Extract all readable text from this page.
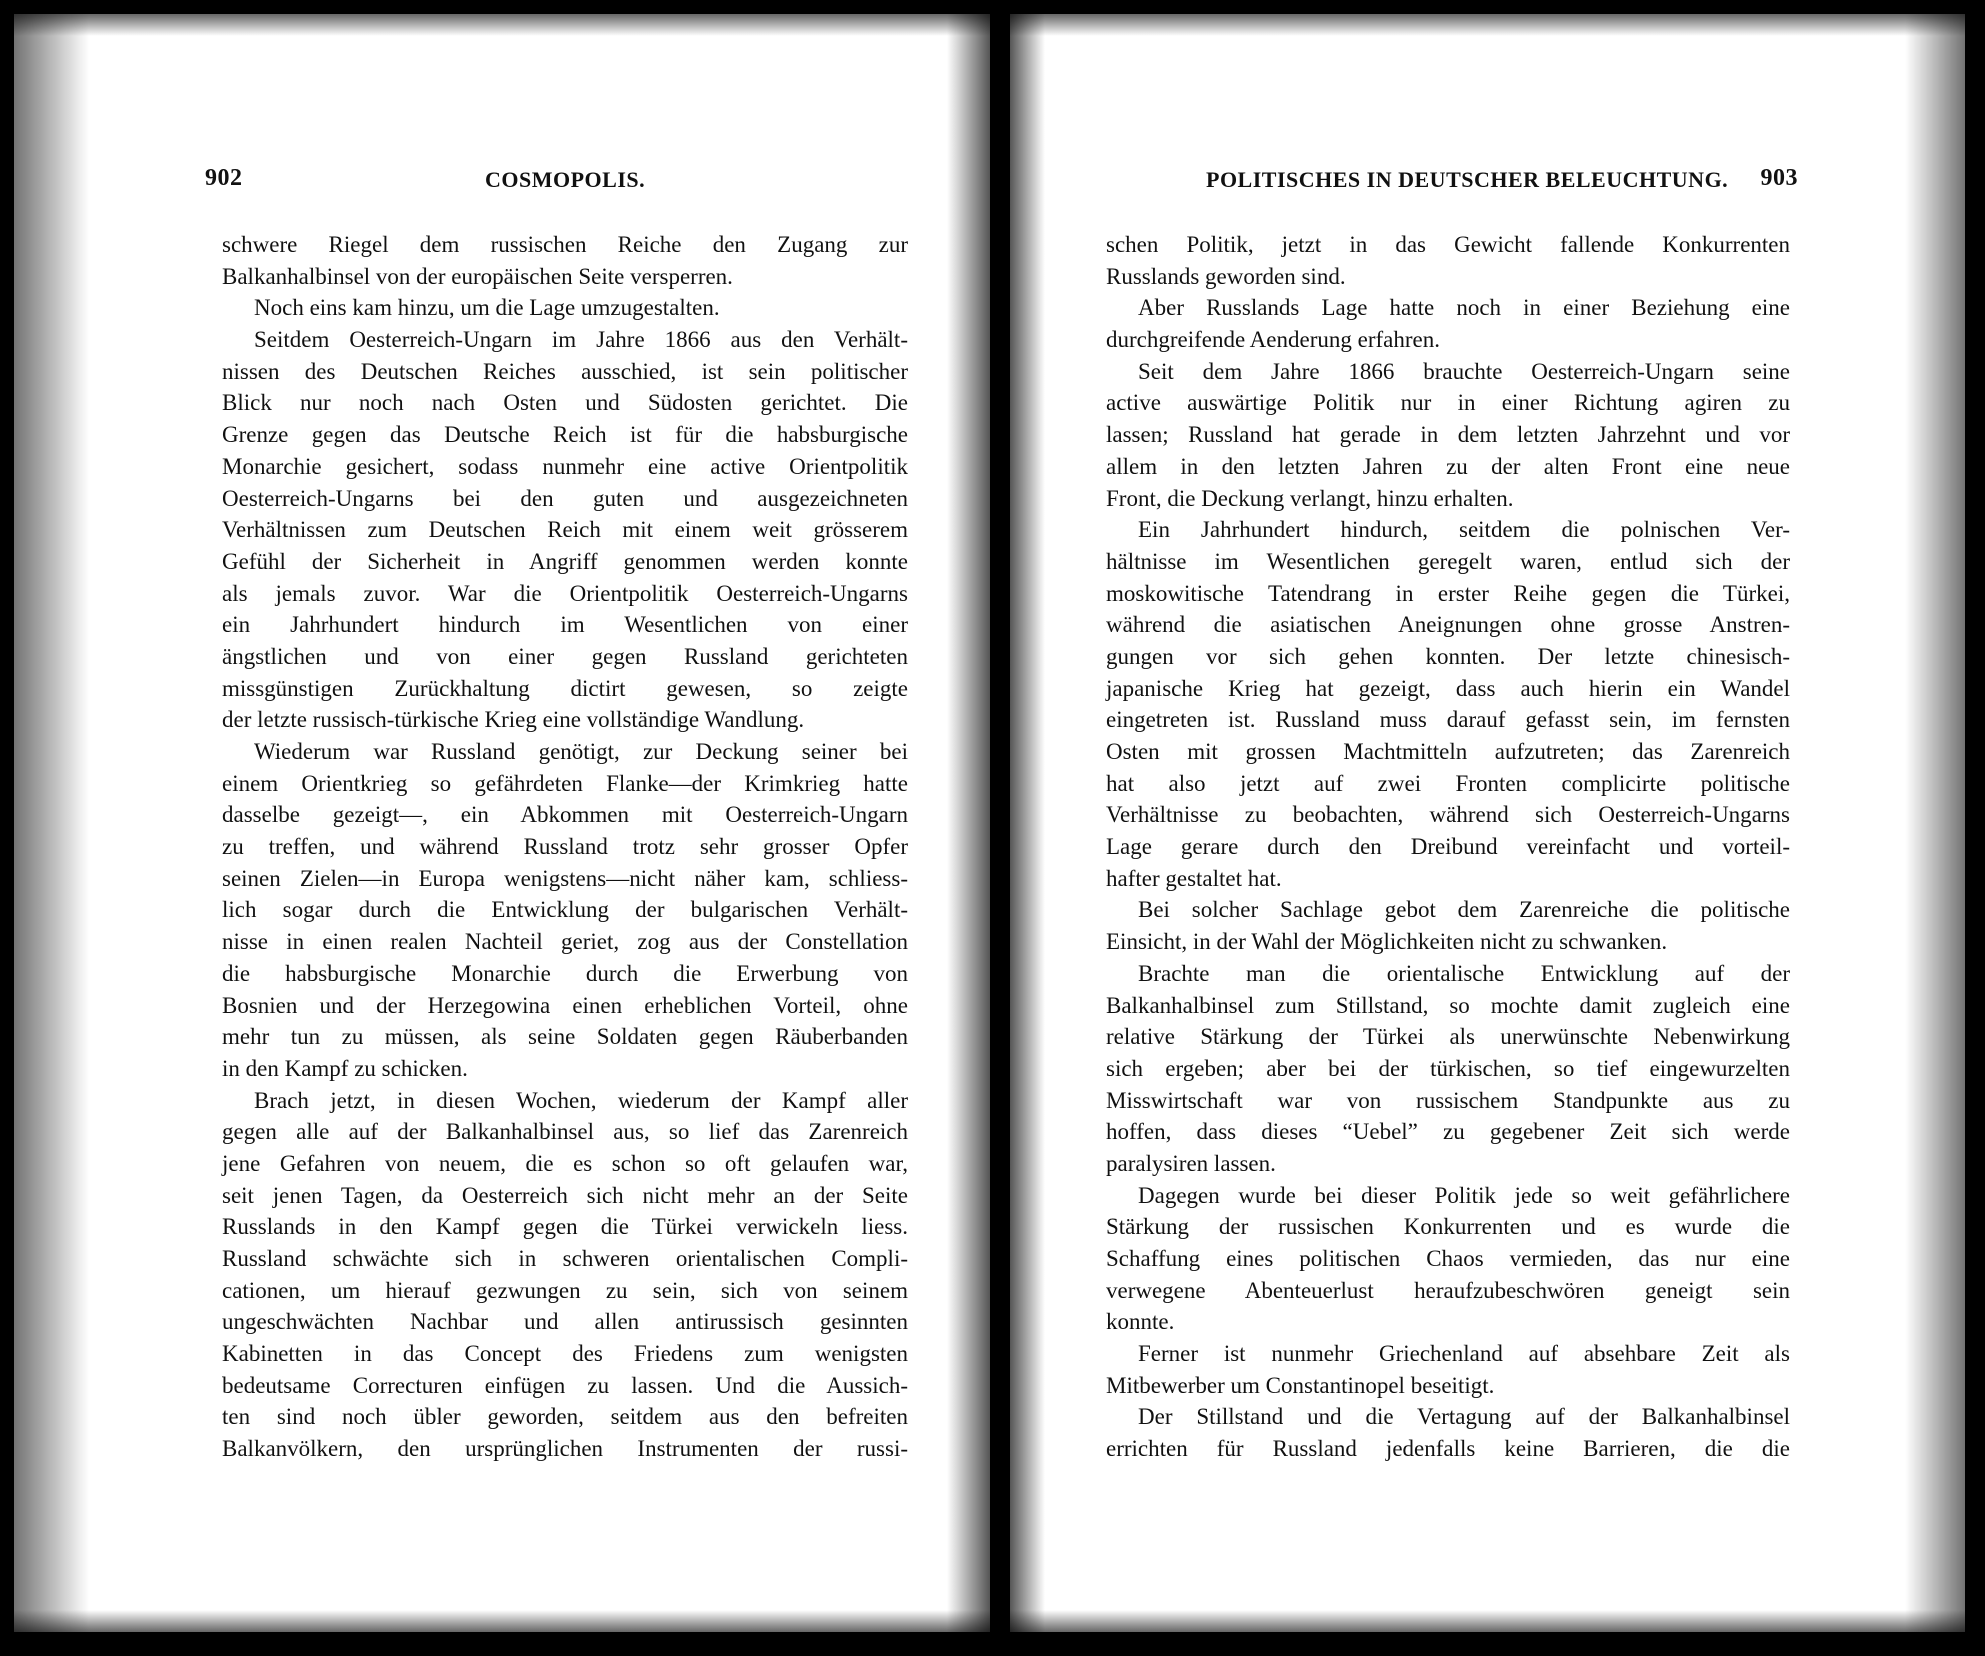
902	COSMOPOLIS.	POLITISCHES IN DEUTSCHER BELEUCHTUNG. 903
schwere Riegel dem russischen Reiche den Zugang zur
Balkanhalbinsel von der europäischen Seite versperren.
Noch eins kam hinzu, um die Lage umzugestalten.
Seitdem Oesterreich-Ungarn im Jahre 1866 aus den Verhält-
nissen des Deutschen Reiches ausschied, ist sein politischer
Blick nur noch nach Osten und Südosten gerichtet. Die
Grenze gegen das Deutsche Reich ist für die habsburgische
Monarchie gesichert, sodass nunmehr eine active Orientpolitik
Oesterreich-Ungarns bei den guten und ausgezeichneten
Verhältnissen zum Deutschen Reich mit einem weit grösserem
Gefühl der Sicherheit in Angriff genommen werden konnte
als jemals zuvor. War die Orientpolitik Oesterreich-Ungarns
ein Jahrhundert hindurch im Wesentlichen von einer
ängstlichen und von einer gegen Russland gerichteten
missgünstigen Zurückhaltung dictirt gewesen, so zeigte
der letzte russisch-türkische Krieg eine vollständige Wandlung.
Wiederum war Russland genötigt, zur Deckung seiner bei
einem Orientkrieg so gefährdeten Flanke—der Krimkrieg hatte
dasselbe gezeigt—, ein Abkommen mit Oesterreich-Ungarn
zu treffen, und während Russland trotz sehr grosser Opfer
seinen Zielen—in Europa wenigstens—nicht näher kam, schliess-
lich sogar durch die Entwicklung der bulgarischen Verhält-
nisse in einen realen Nachteil geriet, zog aus der Constellation
die habsburgische Monarchie durch die Erwerbung von
Bosnien und der Herzegowina einen erheblichen Vorteil, ohne
mehr tun zu müssen, als seine Soldaten gegen Räuberbanden
in den Kampf zu schicken.
Brach jetzt, in diesen Wochen, wiederum der Kampf aller
gegen alle auf der Balkanhalbinsel aus, so lief das Zarenreich
jene Gefahren von neuem, die es schon so oft gelaufen war,
seit jenen Tagen, da Oesterreich sich nicht mehr an der Seite
Russlands in den Kampf gegen die Türkei verwickeln liess.
Russland schwächte sich in schweren orientalischen Compli-
cationen, um hierauf gezwungen zu sein, sich von seinem
ungeschwächten Nachbar und allen antirussisch gesinnten
Kabinetten in das Concept des Friedens zum wenigsten
bedeutsame Correcturen einfügen zu lassen. Und die Aussich-
ten sind noch übler geworden, seitdem aus den befreiten
Balkanvölkern, den ursprünglichen Instrumenten der russi-
schen Politik, jetzt in das Gewicht fallende Konkurrenten
Russlands geworden sind.
Aber Russlands Lage hatte noch in einer Beziehung eine
durchgreifende Aenderung erfahren.
Seit dem Jahre 1866 brauchte Oesterreich-Ungarn seine
active auswärtige Politik nur in einer Richtung agiren zu
lassen; Russland hat gerade in dem letzten Jahrzehnt und vor
allem in den letzten Jahren zu der alten Front eine neue
Front, die Deckung verlangt, hinzu erhalten.
Ein Jahrhundert hindurch, seitdem die polnischen Ver-
hältnisse im Wesentlichen geregelt waren, entlud sich der
moskowitische Tatendrang in erster Reihe gegen die Türkei,
während die asiatischen Aneignungen ohne grosse Anstren-
gungen vor sich gehen konnten. Der letzte chinesisch-
japanische Krieg hat gezeigt, dass auch hierin ein Wandel
eingetreten ist. Russland muss darauf gefasst sein, im fernsten
Osten mit grossen Machtmitteln aufzutreten; das Zarenreich
hat also jetzt auf zwei Fronten complicirte politische
Verhältnisse zu beobachten, während sich Oesterreich-Ungarns
Lage gerare durch den Dreibund vereinfacht und vorteil-
hafter gestaltet hat.
Bei solcher Sachlage gebot dem Zarenreiche die politische
Einsicht, in der Wahl der Möglichkeiten nicht zu schwanken.
Brachte man die orientalische Entwicklung auf der
Balkanhalbinsel zum Stillstand, so mochte damit zugleich eine
relative Stärkung der Türkei als unerwünschte Nebenwirkung
sich ergeben; aber bei der türkischen, so tief eingewurzelten
Misswirtschaft war von russischem Standpunkte aus zu
hoffen, dass dieses “Uebel” zu gegebener Zeit sich werde
paralysiren lassen.
Dagegen wurde bei dieser Politik jede so weit gefährlichere
Stärkung der russischen Konkurrenten und es wurde die
Schaffung eines politischen Chaos vermieden, das nur eine
verwegene Abenteuerlust heraufzubeschwören geneigt sein
konnte.
Ferner ist nunmehr Griechenland auf absehbare Zeit als
Mitbewerber um Constantinopel beseitigt.
Der Stillstand und die Vertagung auf der Balkanhalbinsel
errichten für Russland jedenfalls keine Barrieren, die die
